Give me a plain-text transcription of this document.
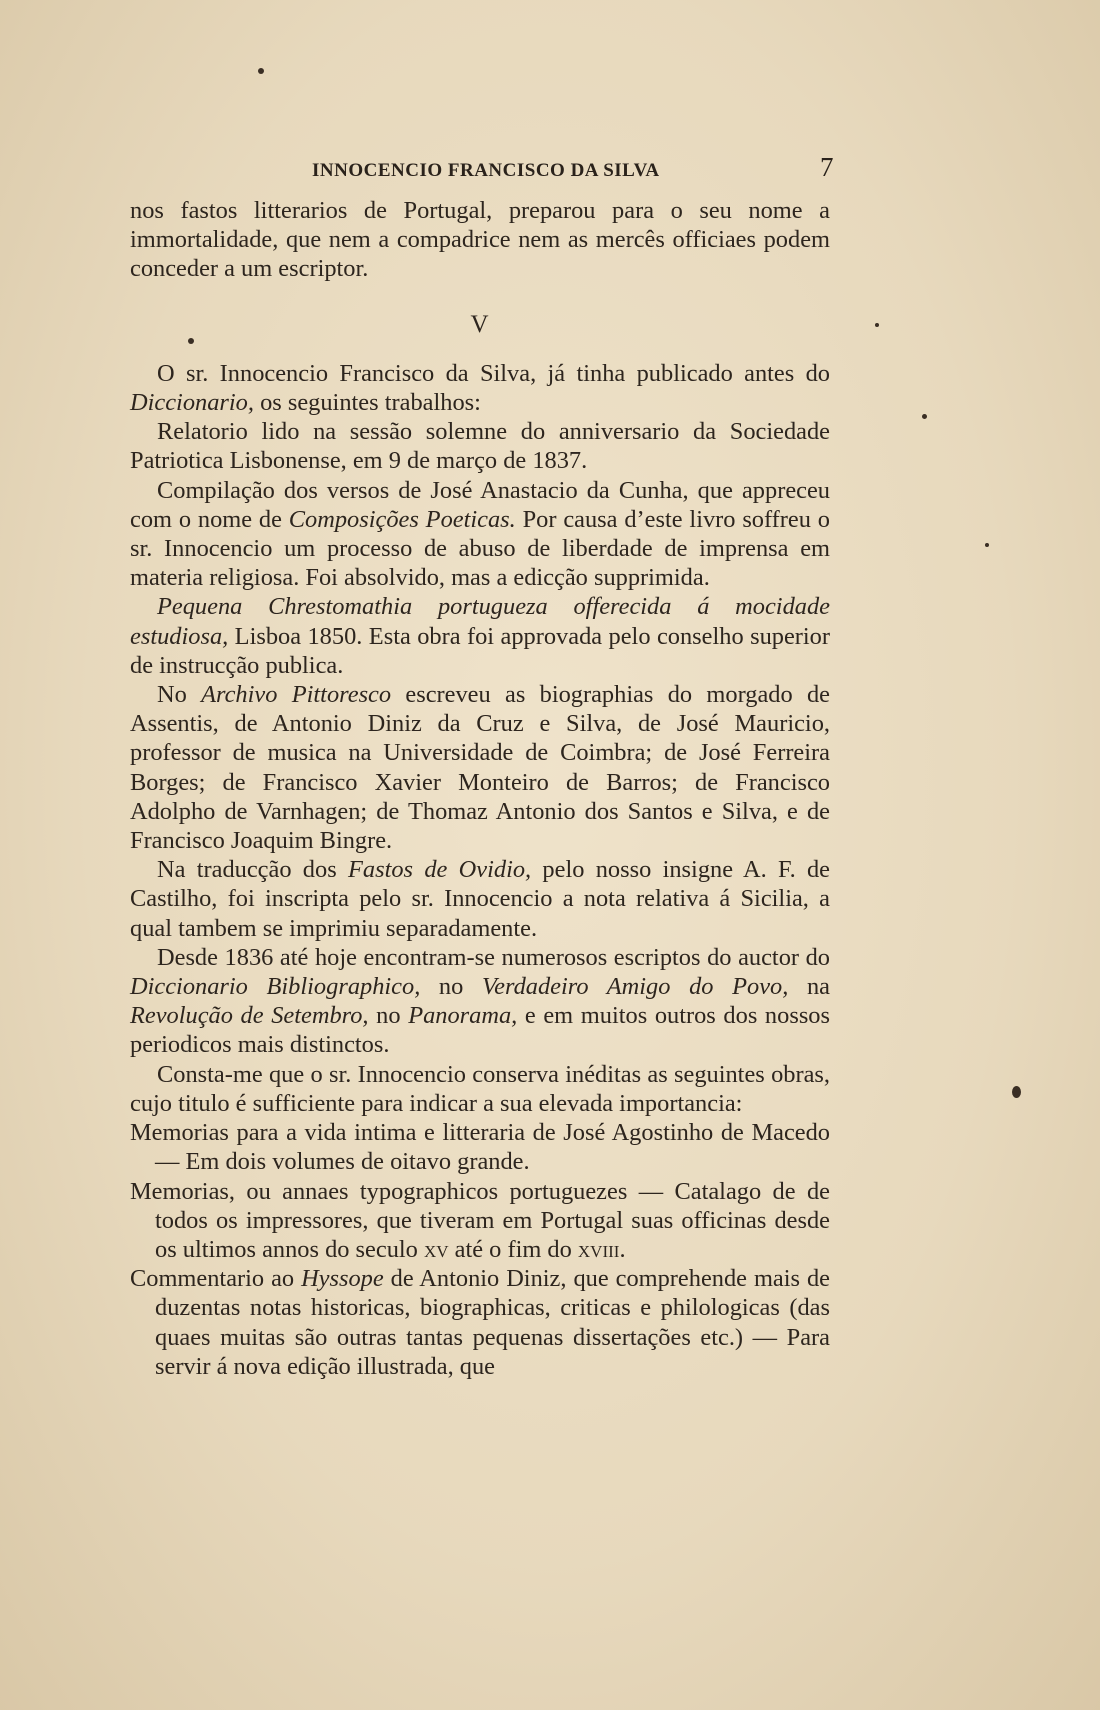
INNOCENCIO FRANCISCO DA SILVA	7

nos fastos litterarios de Portugal, preparou para o seu nome a immortalidade, que nem a compadrice nem as mercês officiaes podem conceder a um escriptor.

V

O sr. Innocencio Francisco da Silva, já tinha publicado antes do Diccionario, os seguintes trabalhos:

Relatorio lido na sessão solemne do anniversario da Sociedade Patriotica Lisbonense, em 9 de março de 1837.

Compilação dos versos de José Anastacio da Cunha, que appreceu com o nome de Composições Poeticas. Por causa d’este livro soffreu o sr. Innocencio um processo de abuso de liberdade de imprensa em materia religiosa. Foi absolvido, mas a edicção supprimida.

Pequena Chrestomathia portugueza offerecida á mocidade estudiosa, Lisboa 1850. Esta obra foi approvada pelo conselho superior de instrucção publica.

No Archivo Pittoresco escreveu as biographias do morgado de Assentis, de Antonio Diniz da Cruz e Silva, de José Mauricio, professor de musica na Universidade de Coimbra; de José Ferreira Borges; de Francisco Xavier Monteiro de Barros; de Francisco Adolpho de Varnhagen; de Thomaz Antonio dos Santos e Silva, e de Francisco Joaquim Bingre.

Na traducção dos Fastos de Ovidio, pelo nosso insigne A. F. de Castilho, foi inscripta pelo sr. Innocencio a nota relativa á Sicilia, a qual tambem se imprimiu separadamente.

Desde 1836 até hoje encontram-se numerosos escriptos do auctor do Diccionario Bibliographico, no Verdadeiro Amigo do Povo, na Revolução de Setembro, no Panorama, e em muitos outros dos nossos periodicos mais distinctos.

Consta-me que o sr. Innocencio conserva inéditas as seguintes obras, cujo titulo é sufficiente para indicar a sua elevada importancia:

Memorias para a vida intima e litteraria de José Agostinho de Macedo — Em dois volumes de oitavo grande.

Memorias, ou annaes typographicos portuguezes — Catalago de de todos os impressores, que tiveram em Portugal suas officinas desde os ultimos annos do seculo xv até o fim do xviii.

Commentario ao Hyssope de Antonio Diniz, que comprehende mais de duzentas notas historicas, biographicas, criticas e philologicas (das quaes muitas são outras tantas pequenas dissertações etc.) — Para servir á nova edição illustrada, que
